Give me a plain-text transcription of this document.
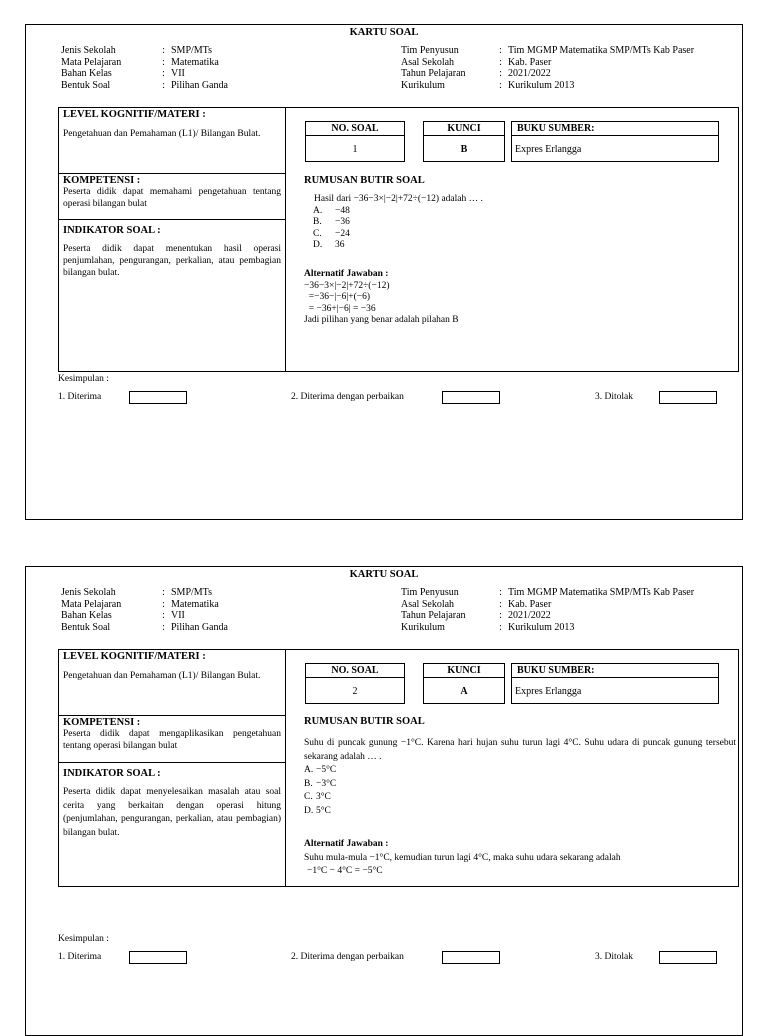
KARTU SOAL
Jenis Sekolah	: SMP/MTs
Mata Pelajaran	: Matematika
Bahan Kelas	: VII
Bentuk Soal	: Pilihan Ganda
Tim Penyusun	: Tim MGMP Matematika SMP/MTs Kab Paser
Asal Sekolah	: Kab. Paser
Tahun Pelajaran	: 2021/2022
Kurikulum	: Kurikulum 2013
LEVEL KOGNITIF/MATERI :
Pengetahuan dan Pemahaman (L1)/ Bilangan Bulat.
KOMPETENSI :
Peserta didik dapat memahami pengetahuan tentang operasi bilangan bulat
INDIKATOR SOAL :
Peserta didik dapat menentukan hasil operasi penjumlahan, pengurangan, perkalian, atau pembagian bilangan bulat.
NO. SOAL
1
KUNCI
B
BUKU SUMBER:
Expres Erlangga
RUMUSAN BUTIR SOAL
Hasil dari −36−3×|−2|+72÷(−12) adalah … .
A. −48
B. −36
C. −24
D. 36
Alternatif Jawaban :
−36−3×|−2|+72÷(−12)
=−36−|−6|+(−6)
= −36+|−6| = −36
Jadi pilihan yang benar adalah pilahan B
Kesimpulan :
1. Diterima	2. Diterima dengan perbaikan	3. Ditolak
KARTU SOAL
Jenis Sekolah	: SMP/MTs
Mata Pelajaran	: Matematika
Bahan Kelas	: VII
Bentuk Soal	: Pilihan Ganda
Tim Penyusun	: Tim MGMP Matematika SMP/MTs Kab Paser
Asal Sekolah	: Kab. Paser
Tahun Pelajaran	: 2021/2022
Kurikulum	: Kurikulum 2013
LEVEL KOGNITIF/MATERI :
Pengetahuan dan Pemahaman (L1)/ Bilangan Bulat.
KOMPETENSI :
Peserta didik dapat mengaplikasikan pengetahuan tentang operasi bilangan bulat
INDIKATOR SOAL :
Peserta didik dapat menyelesaikan masalah atau soal cerita yang berkaitan dengan operasi hitung (penjumlahan, pengurangan, perkalian, atau pembagian) bilangan bulat.
NO. SOAL
2
KUNCI
A
BUKU SUMBER:
Expres Erlangga
RUMUSAN BUTIR SOAL
Suhu di puncak gunung −1°C. Karena hari hujan suhu turun lagi 4°C. Suhu udara di puncak gunung tersebut sekarang adalah … .
A. −5°C
B. −3°C
C. 3°C
D. 5°C
Alternatif Jawaban :
Suhu mula-mula −1°C, kemudian turun lagi 4°C, maka suhu udara sekarang adalah
−1°C − 4°C = −5°C
Kesimpulan :
1. Diterima	2. Diterima dengan perbaikan	3. Ditolak
